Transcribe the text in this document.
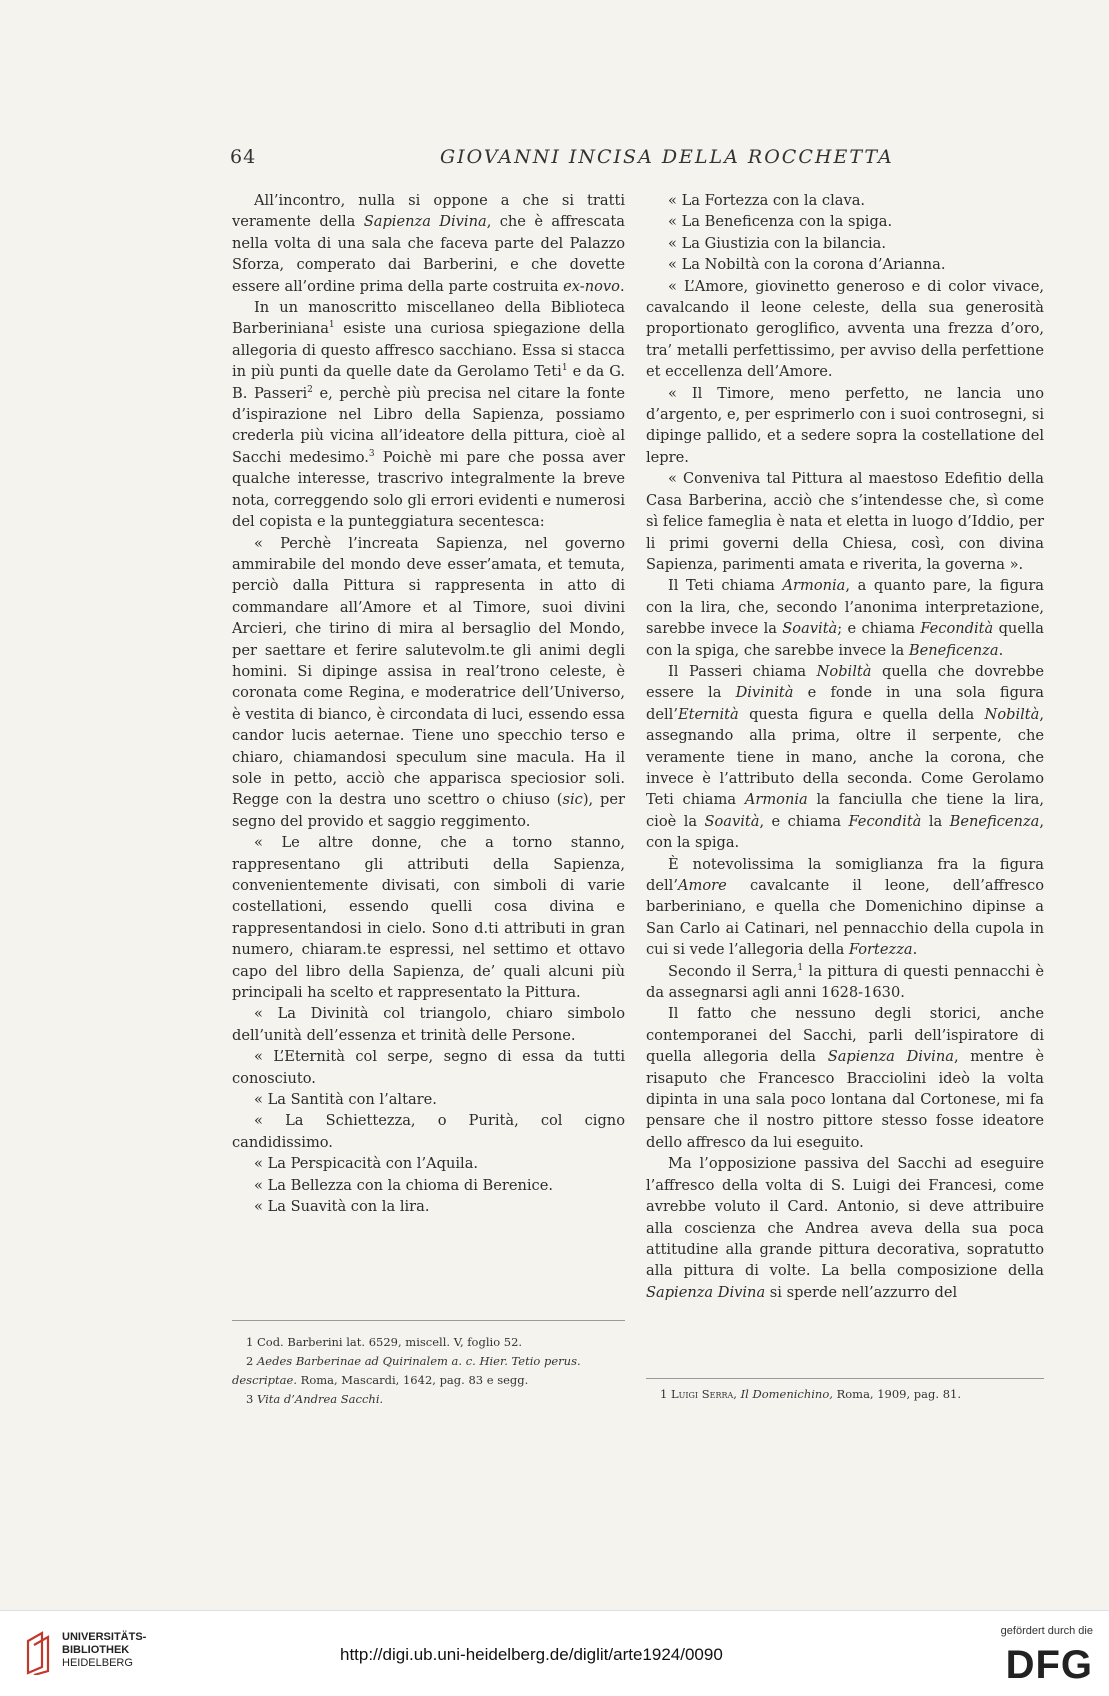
64	GIOVANNI INCISA DELLA ROCCHETTA

All’incontro, nulla si oppone a che si tratti veramente della Sapienza Divina, che è affrescata nella volta di una sala che faceva parte del Palazzo Sforza, comperato dai Barberini, e che dovette essere all’ordine prima della parte costruita ex-novo.

In un manoscritto miscellaneo della Biblioteca Barberiniana$^1$ esiste una curiosa spiegazione della allegoria di questo affresco sacchiano. Essa si stacca in più punti da quelle date da Gerolamo Teti$^1$ e da G. B. Passeri$^2$ e, perchè più precisa nel citare la fonte d’ispirazione nel Libro della Sapienza, possiamo crederla più vicina all’ideatore della pittura, cioè al Sacchi medesimo.$^3$ Poichè mi pare che possa aver qualche interesse, trascrivo integralmente la breve nota, correggendo solo gli errori evidenti e numerosi del copista e la punteggiatura secentesca:

« Perchè l’increata Sapienza, nel governo ammirabile del mondo deve esser’amata, et temuta, perciò dalla Pittura si rappresenta in atto di commandare all’Amore et al Timore, suoi divini Arcieri, che tirino di mira al bersaglio del Mondo, per saettare et ferire salutevolm.te gli animi degli homini. Si dipinge assisa in real’trono celeste, è coronata come Regina, e moderatrice dell’Universo, è vestita di bianco, è circondata di luci, essendo essa candor lucis aeternae. Tiene uno specchio terso e chiaro, chiamandosi speculum sine macula. Ha il sole in petto, acciò che apparisca speciosior soli. Regge con la destra uno scettro o chiuso (sic), per segno del provido et saggio reggimento.

« Le altre donne, che a torno stanno, rappresentano gli attributi della Sapienza, convenientemente divisati, con simboli di varie costellationi, essendo quelli cosa divina e rappresentandosi in cielo. Sono d.ti attributi in gran numero, chiaram.te espressi, nel settimo et ottavo capo del libro della Sapienza, de’ quali alcuni più principali ha scelto et rappresentato la Pittura.

« La Divinità col triangolo, chiaro simbolo dell’unità dell’essenza et trinità delle Persone.

« L’Eternità col serpe, segno di essa da tutti conosciuto.

« La Santità con l’altare.

« La Schiettezza, o Purità, col cigno candidissimo.

« La Perspicacità con l’Aquila.

« La Bellezza con la chioma di Berenice.

« La Suavità con la lira.

« La Fortezza con la clava.

« La Beneficenza con la spiga.

« La Giustizia con la bilancia.

« La Nobiltà con la corona d’Arianna.

« L’Amore, giovinetto generoso e di color vivace, cavalcando il leone celeste, della sua generosità proportionato geroglifico, avventa una frezza d’oro, tra’ metalli perfettissimo, per avviso della perfettione et eccellenza dell’Amore.

« Il Timore, meno perfetto, ne lancia uno d’argento, e, per esprimerlo con i suoi controsegni, si dipinge pallido, et a sedere sopra la costellatione del lepre.

« Conveniva tal Pittura al maestoso Edefitio della Casa Barberina, acciò che s’intendesse che, sì come sì felice fameglia è nata et eletta in luogo d’Iddio, per li primi governi della Chiesa, così, con divina Sapienza, parimenti amata e riverita, la governa ».

Il Teti chiama Armonia, a quanto pare, la figura con la lira, che, secondo l’anonima interpretazione, sarebbe invece la Soavità; e chiama Fecondità quella con la spiga, che sarebbe invece la Beneficenza.

Il Passeri chiama Nobiltà quella che dovrebbe essere la Divinità e fonde in una sola figura dell’Eternità questa figura e quella della Nobiltà, assegnando alla prima, oltre il serpente, che veramente tiene in mano, anche la corona, che invece è l’attributo della seconda. Come Gerolamo Teti chiama Armonia la fanciulla che tiene la lira, cioè la Soavità, e chiama Fecondità la Beneficenza, con la spiga.

È notevolissima la somiglianza fra la figura dell’Amore cavalcante il leone, dell’affresco barberiniano, e quella che Domenichino dipinse a San Carlo ai Catinari, nel pennacchio della cupola in cui si vede l’allegoria della Fortezza.

Secondo il Serra,$^1$ la pittura di questi pennacchi è da assegnarsi agli anni 1628-1630.

Il fatto che nessuno degli storici, anche contemporanei del Sacchi, parli dell’ispiratore di quella allegoria della Sapienza Divina, mentre è risaputo che Francesco Bracciolini ideò la volta dipinta in una sala poco lontana dal Cortonese, mi fa pensare che il nostro pittore stesso fosse ideatore dello affresco da lui eseguito.

Ma l’opposizione passiva del Sacchi ad eseguire l’affresco della volta di S. Luigi dei Francesi, come avrebbe voluto il Card. Antonio, si deve attribuire alla coscienza che Andrea aveva della sua poca attitudine alla grande pittura decorativa, sopratutto alla pittura di volte. La bella composizione della Sapienza Divina si sperde nell’azzurro del

1 Cod. Barberini lat. 6529, miscell. V, foglio 52.

2 Aedes Barberinae ad Quirinalem a. c. Hier. Tetio perus. descriptae. Roma, Mascardi, 1642, pag. 83 e segg.

3 Vita d’Andrea Sacchi.	1 Luigi Serra, Il Domenichino, Roma, 1909, pag. 81.

UNIVERSITÄTS-
BIBLIOTHEK
HEIDELBERG	http://digi.ub.uni-heidelberg.de/diglit/arte1924/0090
gefördert durch die
DFG
